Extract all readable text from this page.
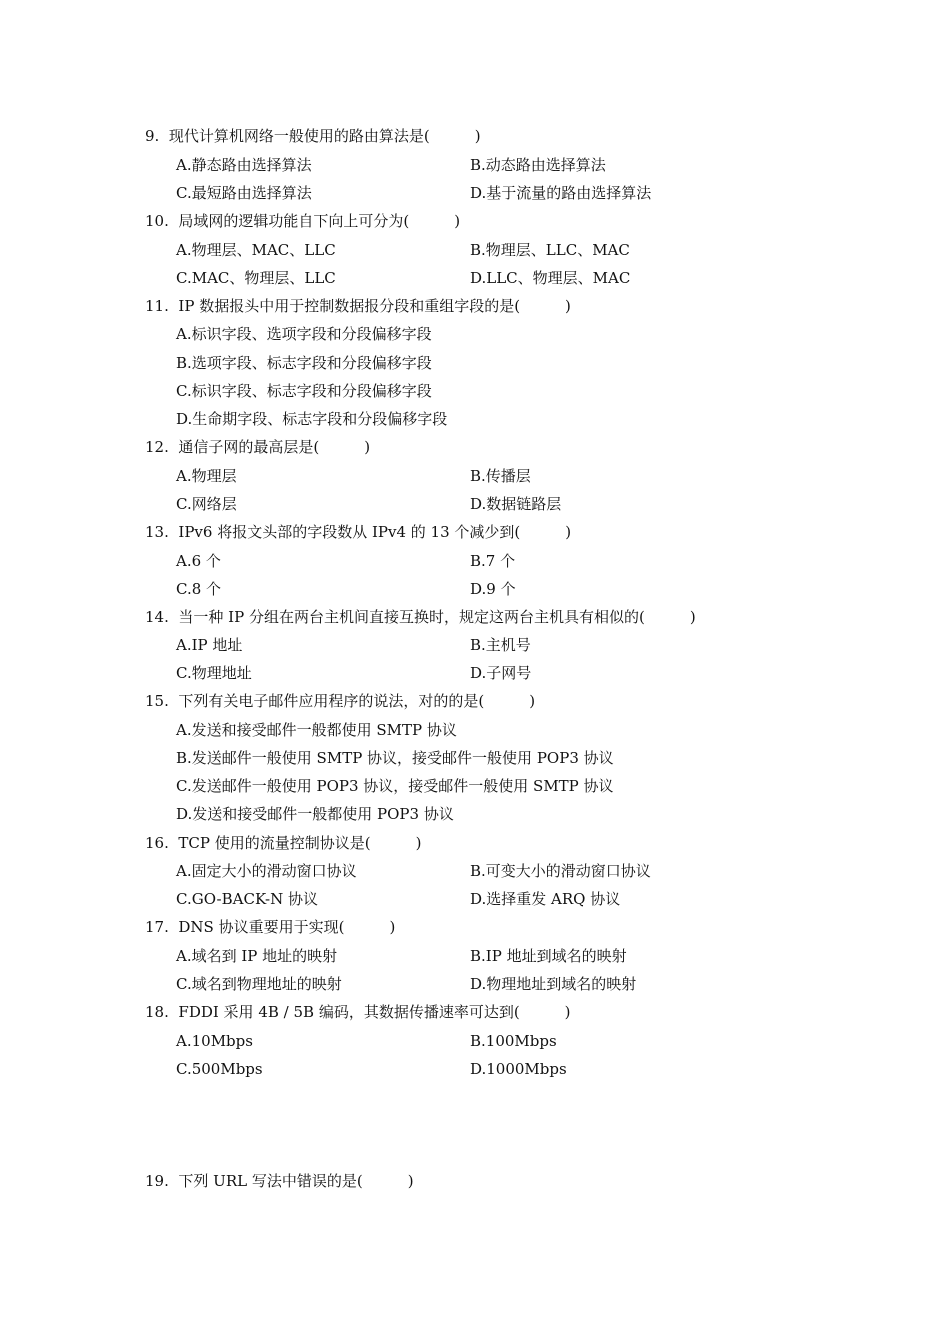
9. 现代计算机网络一般使用的路由算法是(　　　)
A.静态路由选择算法	B.动态路由选择算法
C.最短路由选择算法	D.基于流量的路由选择算法
10. 局域网的逻辑功能自下向上可分为(　　　)
A.物理层、MAC、LLC	B.物理层、LLC、MAC
C.MAC、物理层、LLC	D.LLC、物理层、MAC
11. IP 数据报头中用于控制数据报分段和重组字段的是(　　　)
A.标识字段、选项字段和分段偏移字段
B.选项字段、标志字段和分段偏移字段
C.标识字段、标志字段和分段偏移字段
D.生命期字段、标志字段和分段偏移字段
12. 通信子网的最高层是(　　　)
A.物理层	B.传播层
C.网络层	D.数据链路层
13. IPv6 将报文头部的字段数从 IPv4 的 13 个减少到(　　　)
A.6 个	B.7 个
C.8 个	D.9 个
14. 当一种 IP 分组在两台主机间直接互换时，规定这两台主机具有相似的(　　　)
A.IP 地址	B.主机号
C.物理地址	D.子网号
15. 下列有关电子邮件应用程序的说法，对的的是(　　　)
A.发送和接受邮件一般都使用 SMTP 协议
B.发送邮件一般使用 SMTP 协议，接受邮件一般使用 POP3 协议
C.发送邮件一般使用 POP3 协议，接受邮件一般使用 SMTP 协议
D.发送和接受邮件一般都使用 POP3 协议
16. TCP 使用的流量控制协议是(　　　)
A.固定大小的滑动窗口协议	B.可变大小的滑动窗口协议
C.GO-BACK-N 协议	D.选择重发 ARQ 协议
17. DNS 协议重要用于实现(　　　)
A.域名到 IP 地址的映射	B.IP 地址到域名的映射
C.域名到物理地址的映射	D.物理地址到域名的映射
18. FDDI 采用 4B / 5B 编码，其数据传播速率可达到(　　　)
A.10Mbps	B.100Mbps
C.500Mbps	D.1000Mbps
19. 下列 URL 写法中错误的是(　　　)
